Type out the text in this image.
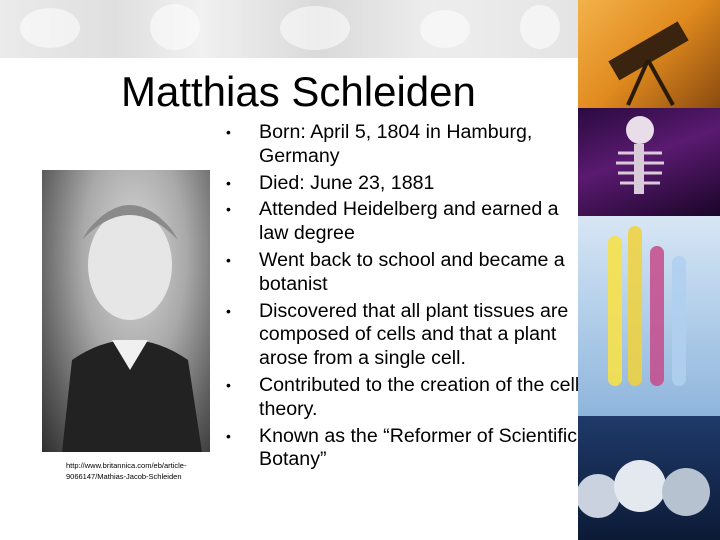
http://www.britannica.com/eb/article-9066147/Mathias-Jacob-Schleiden
Matthias Schleiden
• Born: April 5, 1804 in Hamburg, Germany
• Died: June 23, 1881
• Attended Heidelberg and earned a law degree
• Went back to school and became a botanist
• Discovered that all plant tissues are composed of cells and that a plant arose from a single cell.
• Contributed to the creation of the cell theory.
• Known as the “Reformer of Scientific Botany”
